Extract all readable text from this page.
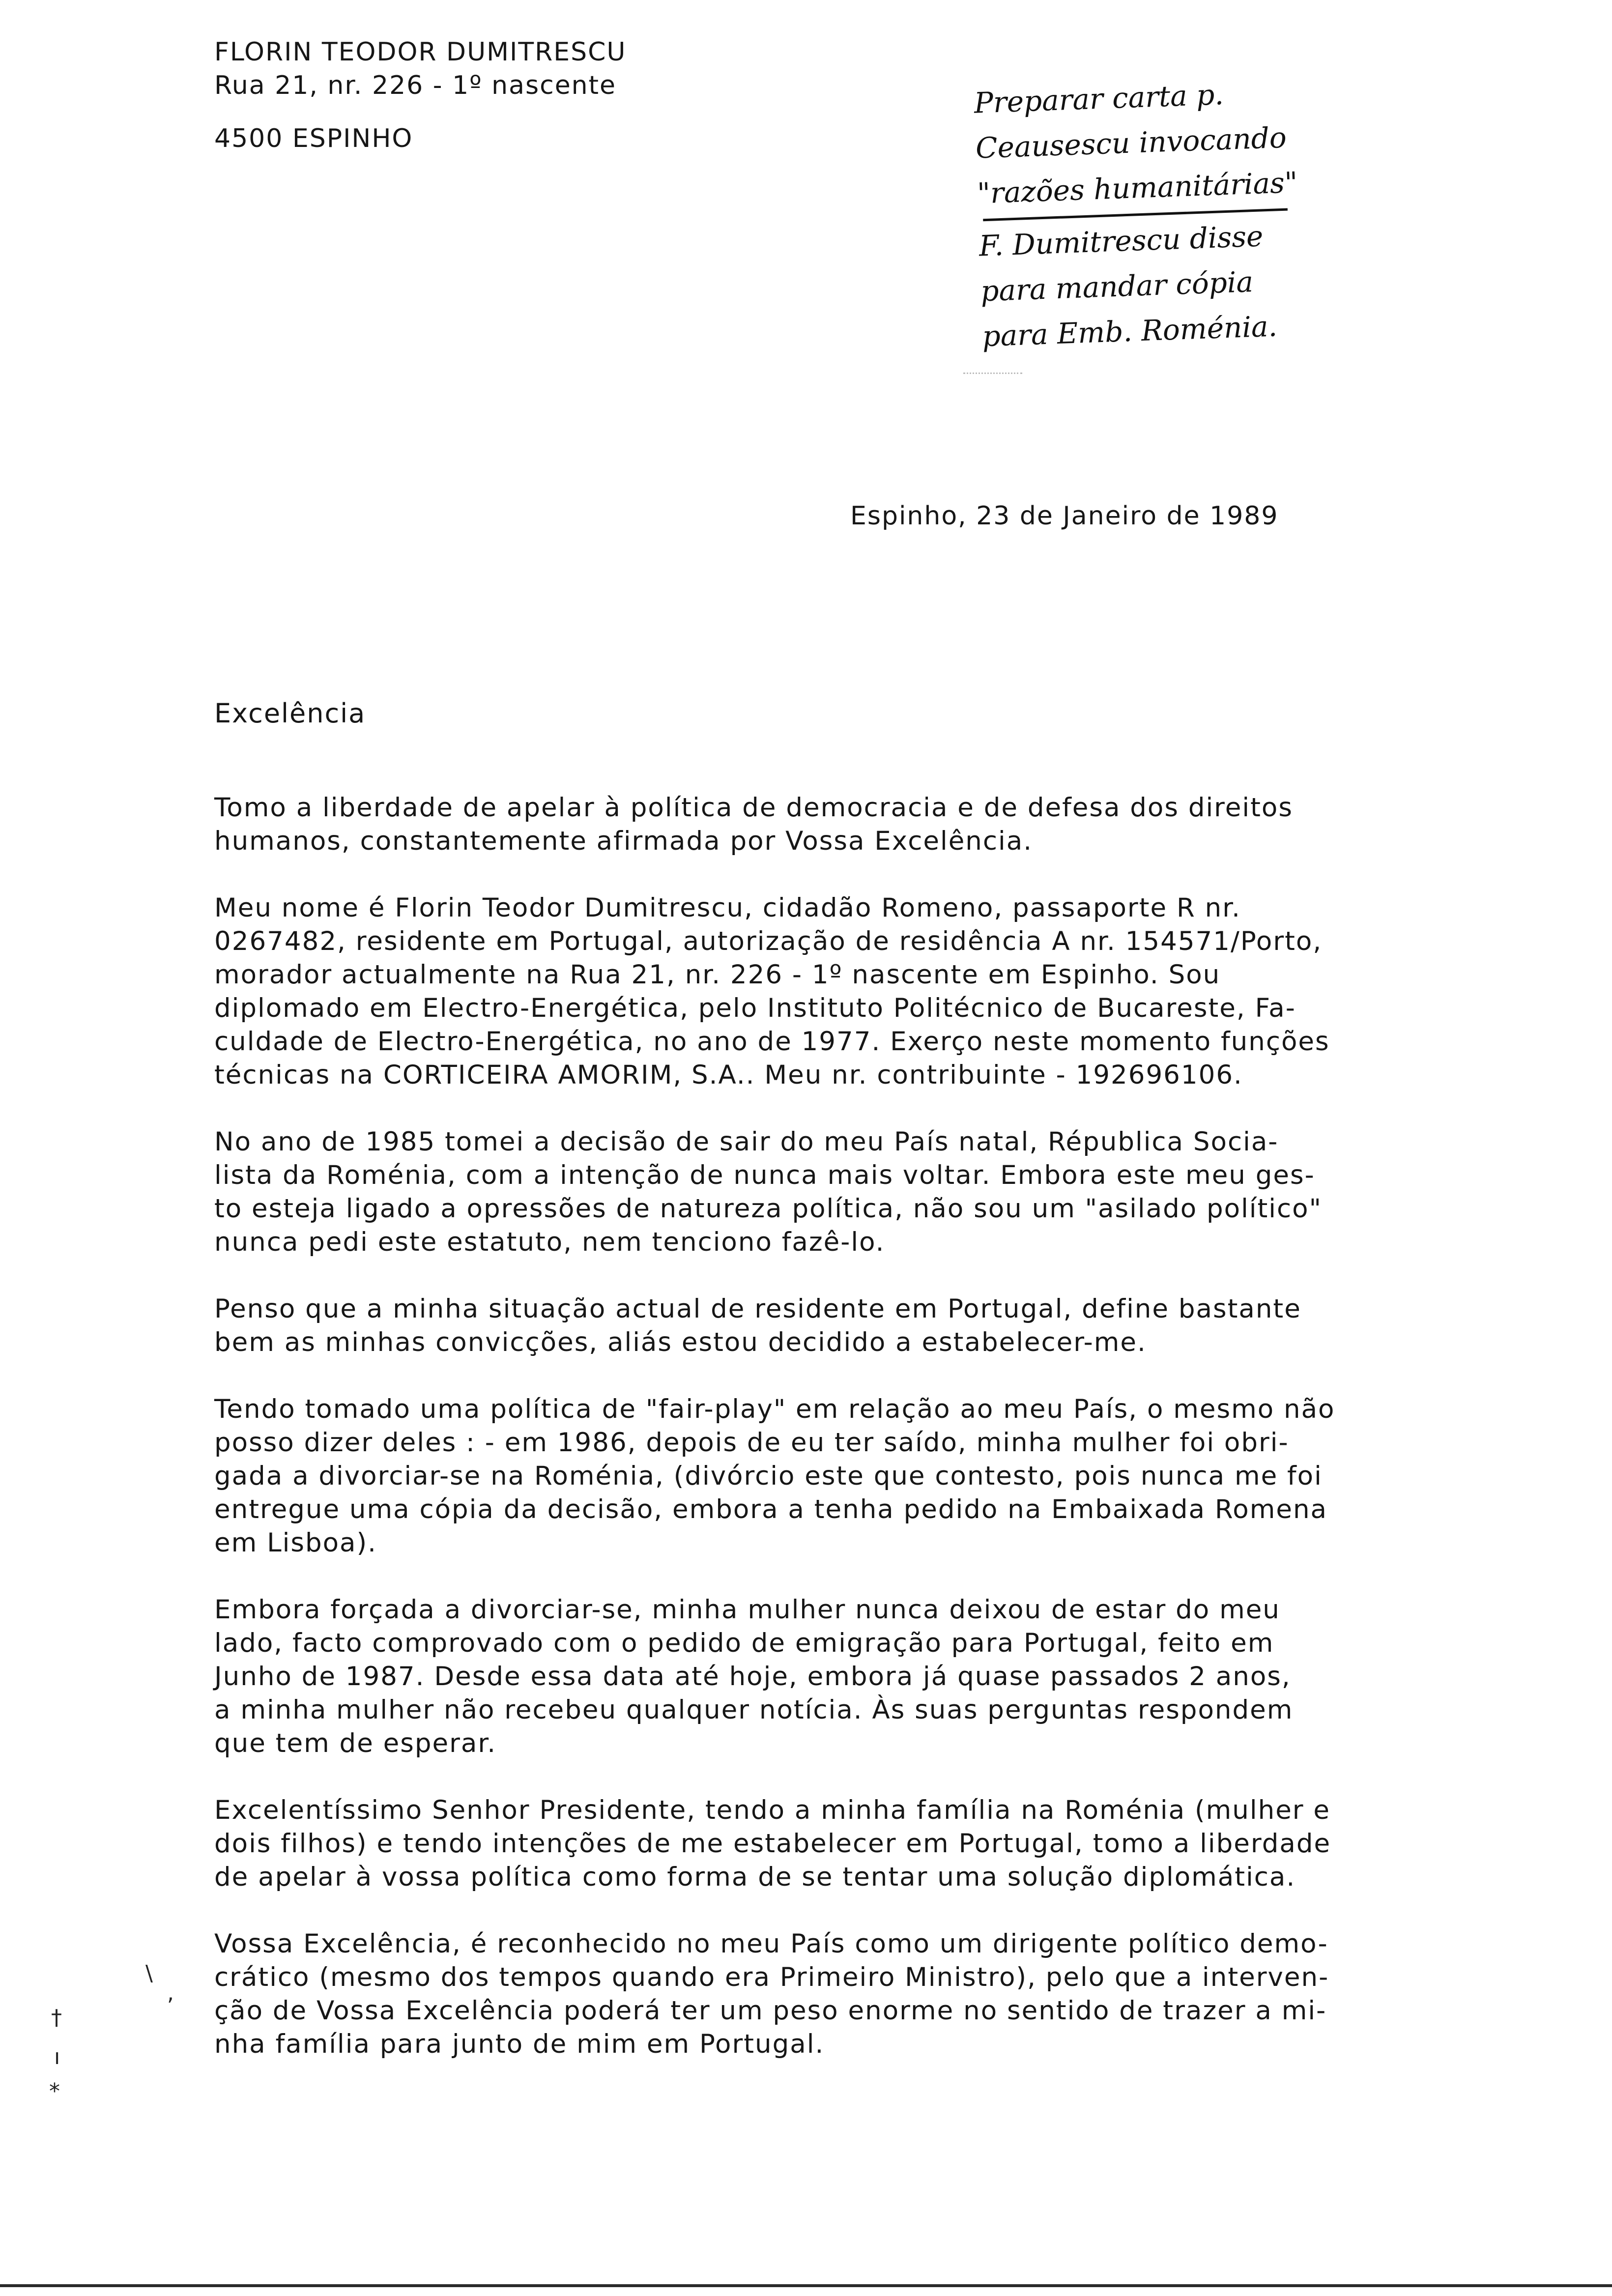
FLORIN TEODOR DUMITRESCU
Rua 21, nr. 226 - 1º nascente
4500 ESPINHO
Preparar carta p.
Ceausescu invocando
"razões humanitárias"
F. Dumitrescu disse
para mandar cópia
para Emb. Roménia.
Espinho, 23 de Janeiro de 1989
Excelência

Tomo a liberdade de apelar à política de democracia e de defesa dos direitos
humanos, constantemente afirmada por Vossa Excelência.

Meu nome é Florin Teodor Dumitrescu, cidadão Romeno, passaporte R nr.
0267482, residente em Portugal, autorização de residência A nr. 154571/Porto,
morador actualmente na Rua 21, nr. 226 - 1º nascente em Espinho. Sou
diplomado em Electro-Energética, pelo Instituto Politécnico de Bucareste, Fa-
culdade de Electro-Energética, no ano de 1977. Exerço neste momento funções
técnicas na CORTICEIRA AMORIM, S.A.. Meu nr. contribuinte - 192696106.

No ano de 1985 tomei a decisão de sair do meu País natal, Républica Socia-
lista da Roménia, com a intenção de nunca mais voltar. Embora este meu ges-
to esteja ligado a opressões de natureza política, não sou um "asilado político"
nunca pedi este estatuto, nem tenciono fazê-lo.

Penso que a minha situação actual de residente em Portugal, define bastante
bem as minhas convicções, aliás estou decidido a estabelecer-me.

Tendo tomado uma política de "fair-play" em relação ao meu País, o mesmo não
posso dizer deles : - em 1986, depois de eu ter saído, minha mulher foi obri-
gada a divorciar-se na Roménia, (divórcio este que contesto, pois nunca me foi
entregue uma cópia da decisão, embora a tenha pedido na Embaixada Romena
em Lisboa).

Embora forçada a divorciar-se, minha mulher nunca deixou de estar do meu
lado, facto comprovado com o pedido de emigração para Portugal, feito em
Junho de 1987. Desde essa data até hoje, embora já quase passados 2 anos,
a minha mulher não recebeu qualquer notícia. Às suas perguntas respondem
que tem de esperar.

Excelentíssimo Senhor Presidente, tendo a minha família na Roménia (mulher e
dois filhos) e tendo intenções de me estabelecer em Portugal, tomo a liberdade
de apelar à vossa política como forma de se tentar uma solução diplomática.

Vossa Excelência, é reconhecido no meu País como um dirigente político demo-
crático (mesmo dos tempos quando era Primeiro Ministro), pelo que a interven-
ção de Vossa Excelência poderá ter um peso enorme no sentido de trazer a mi-
nha família para junto de mim em Portugal.

\
,
†
ı
*
